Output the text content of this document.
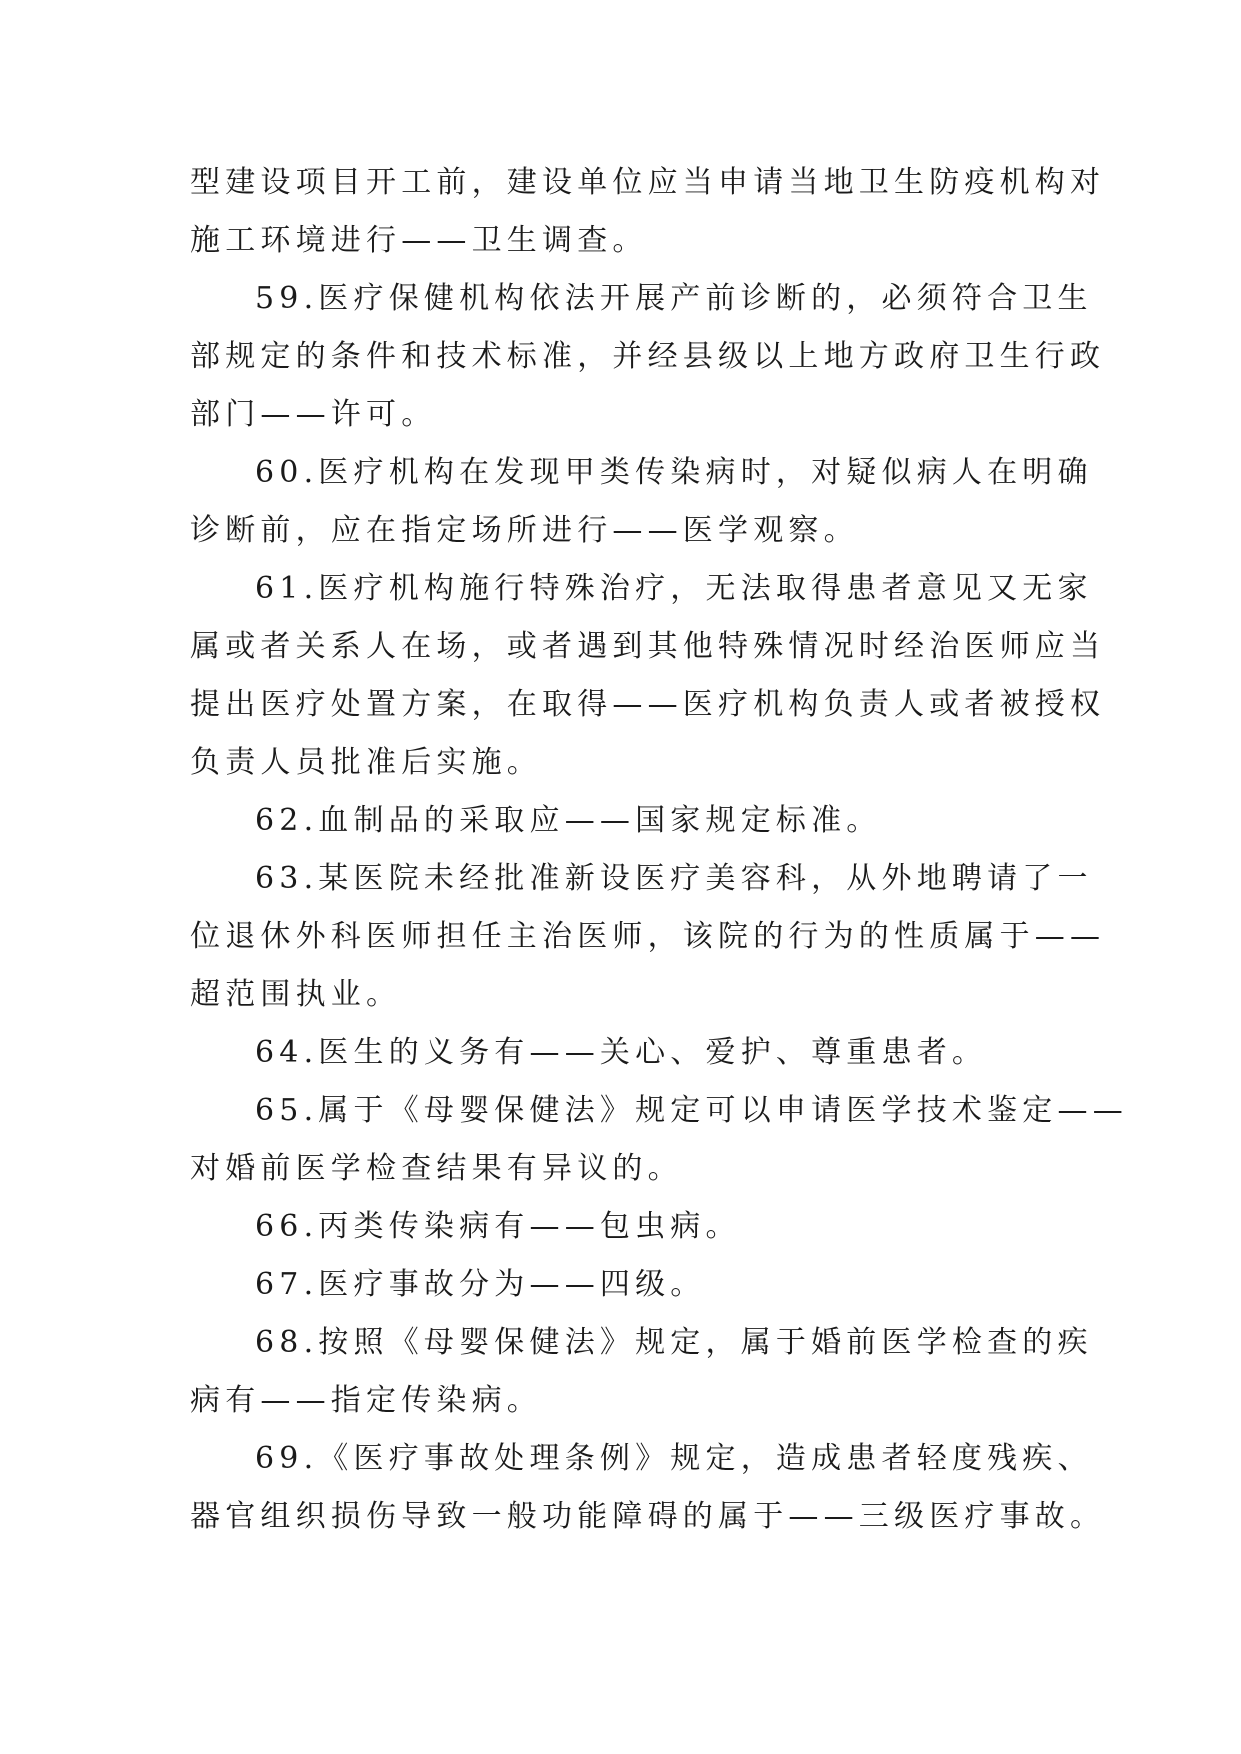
型建设项目开工前，建设单位应当申请当地卫生防疫机构对
施工环境进行——卫生调查。
59.医疗保健机构依法开展产前诊断的，必须符合卫生
部规定的条件和技术标准，并经县级以上地方政府卫生行政
部门——许可。
60.医疗机构在发现甲类传染病时，对疑似病人在明确
诊断前，应在指定场所进行——医学观察。
61.医疗机构施行特殊治疗，无法取得患者意见又无家
属或者关系人在场，或者遇到其他特殊情况时经治医师应当
提出医疗处置方案，在取得——医疗机构负责人或者被授权
负责人员批准后实施。
62.血制品的采取应——国家规定标准。
63.某医院未经批准新设医疗美容科，从外地聘请了一
位退休外科医师担任主治医师，该院的行为的性质属于——
超范围执业。
64.医生的义务有——关心、爱护、尊重患者。
65.属于《母婴保健法》规定可以申请医学技术鉴定——
对婚前医学检查结果有异议的。
66.丙类传染病有——包虫病。
67.医疗事故分为——四级。
68.按照《母婴保健法》规定，属于婚前医学检查的疾
病有——指定传染病。
69.《医疗事故处理条例》规定，造成患者轻度残疾、
器官组织损伤导致一般功能障碍的属于——三级医疗事故。
